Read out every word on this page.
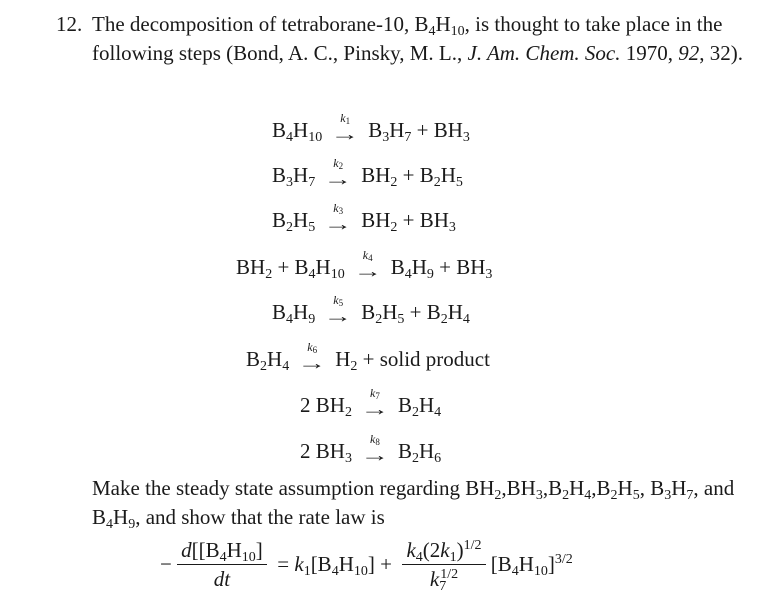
12. The decomposition of tetraborane-10, $B_4H_{10}$, is thought to take place in the following steps (Bond, A. C., Pinsky, M. L., J. Am. Chem. Soc. 1970, 92, 32).
$B_4H_{10}$
$k_1$
→ $B_3H_7 + BH_3$
$B_3H_7$
$k_2$
→ $BH_2 + B_2H_5$
$B_2H_5$
$k_3$
→ $BH_2 + BH_3$
$BH_2 + B_4H_{10}$
$k_4$
→ $B_4H_9 + BH_3$
$B_4H_9$
$k_5$
→ $B_2H_5 + B_2H_4$
$B_2H_4$
$k_6$
→ $H_2$ + solid product
2 $BH_2$
$k_7$
→ $B_2H_4$
2 $BH_3$
$k_8$
→ $B_2H_6$
Make the steady state assumption regarding $BH_2,BH_3,B_2H_4,B_2H_5$, $B_3H_7$, and $B_4H_9$, and show that the rate law is
− $\frac{d[[B_4H_{10}]}{dt} = k_1[B_4H_{10}] + \frac{k_4(2k_1)^{1/2}}{k_7^{1/2}} [B_4H_{10}]^{3/2}$
